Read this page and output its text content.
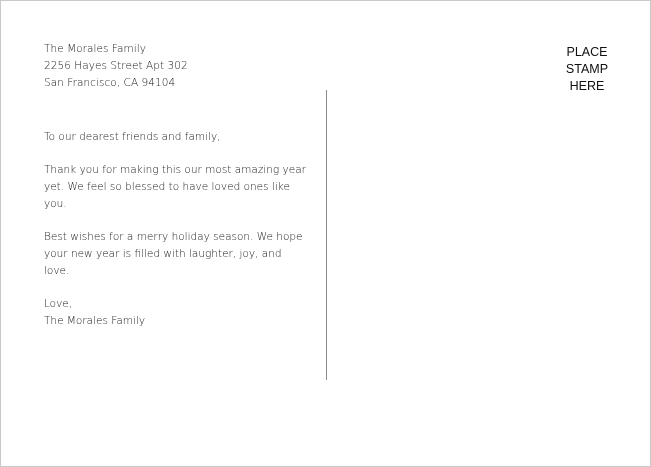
The Morales Family
2256 Hayes Street Apt 302
San Francisco, CA 94104

To our dearest friends and family,

Thank you for making this our most amazing year yet. We feel so blessed to have loved ones like you.

Best wishes for a merry holiday season. We hope your new year is filled with laughter, joy, and love.

Love,
The Morales Family

PLACE
STAMP
HERE
